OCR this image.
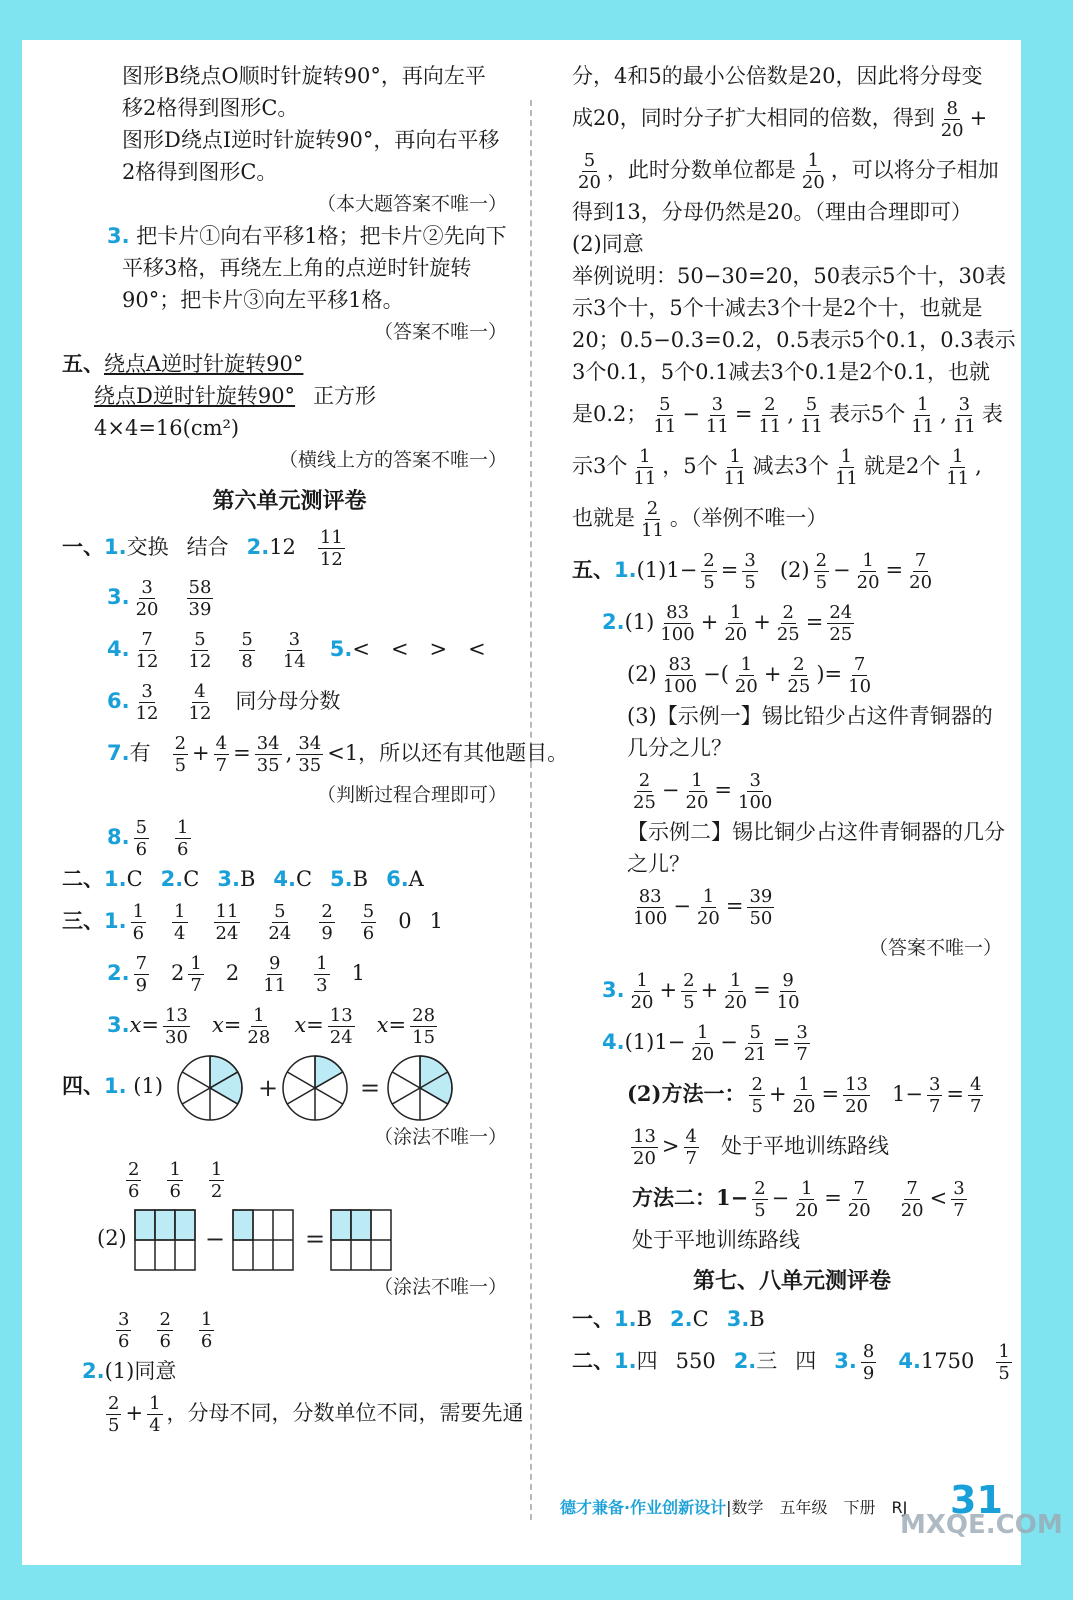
图形B绕点O顺时针旋转90°，再向左平

移2格得到图形C。

图形D绕点I逆时针旋转90°，再向右平移

2格得到图形C。

（本大题答案不唯一）

3. 把卡片①向右平移1格；把卡片②先向下

平移3格，再绕左上角的点逆时针旋转

90°；把卡片③向左平移1格。

（答案不唯一）

五、绕点A逆时针旋转90°

绕点D逆时针旋转90° 正方形

4×4=16(cm²)

（横线上方的答案不唯一）

第六单元测评卷

一、1.交换 结合 $2.12 \frac{11}{12}$

3. $\frac{3}{20} \frac{58}{39}$

4. $\frac{7}{12} \frac{5}{12} \frac{5}{8} \frac{3}{14} 5.<$　<　>　<

6. $\frac{3}{12} \frac{4}{12}$ 同分母分数

7.有 $\frac{2}{5} + \frac{4}{7} = \frac{34}{35}$ , $\frac{34}{35} <1$，所以还有其他题目。

（判断过程合理即可）

8. $\frac{5}{6} \frac{1}{6}$

二、1.C 2.C 3.B 4.C 5.B 6.A

三、1. $\frac{1}{6} \frac{1}{4} \frac{11}{24} \frac{5}{24} \frac{2}{9} \frac{5}{6} 0$ 1

2. $\frac{7}{9} 2 \frac{1}{7} 2 \frac{9}{11} \frac{1}{3} 1$

$3.x= \frac{13}{30} x= \frac{1}{28} x= \frac{13}{24} x= \frac{28}{15}$

四、1. (1)	+	=

（涂法不唯一）

$\frac{2}{6} \frac{1}{6} \frac{1}{2}$

(2)	−	=

（涂法不唯一）

$\frac{3}{6} \frac{2}{6} \frac{1}{6}$

2.(1)同意

$\frac{2}{5} + \frac{1}{4}$ ，分母不同，分数单位不同，需要先通

分，4和5的最小公倍数是20，因此将分母变

成20，同时分子扩大相同的倍数，得到 $\frac{8}{20}$ +

$\frac{5}{20}$ ，此时分数单位都是 $\frac{1}{20}$ ，可以将分子相加

得到13，分母仍然是20。（理由合理即可）

(2)同意

举例说明：50−30=20，50表示5个十，30表

示3个十，5个十减去3个十是2个十，也就是

20；0.5−0.3=0.2，0.5表示5个0.1，0.3表示

3个0.1，5个0.1减去3个0.1是2个0.1，也就

是0.2； $\frac{5}{11} - \frac{3}{11} = \frac{2}{11}$ , $\frac{5}{11}$ 表示5个 $\frac{1}{11}$ , $\frac{3}{11}$ 表

示3个 $\frac{1}{11}$ ，5个 $\frac{1}{11}$ 减去3个 $\frac{1}{11}$ 就是2个 $\frac{1}{11}$ ,

也就是 $\frac{2}{11}$ 。（举例不唯一）

五、$1.(1)1- \frac{2}{5} = \frac{3}{5} (2) \frac{2}{5} - \frac{1}{20} = \frac{7}{20}$

$2.(1) \frac{83}{100} + \frac{1}{20} + \frac{2}{25} = \frac{24}{25}$

$(2) \frac{83}{100}$ −( $\frac{1}{20} + \frac{2}{25}$ )= $\frac{7}{10}$

(3)【示例一】锡比铅少占这件青铜器的

几分之儿？

$\frac{2}{25} - \frac{1}{20} = \frac{3}{100}$

【示例二】锡比铜少占这件青铜器的几分

之儿？

$\frac{83}{100} - \frac{1}{20} = \frac{39}{50}$

（答案不唯一）

3. $\frac{1}{20} + \frac{2}{5} + \frac{1}{20} = \frac{9}{10}$

$4.(1)1- \frac{1}{20} - \frac{5}{21} = \frac{3}{7}$

(2)方法一： $\frac{2}{5} + \frac{1}{20} = \frac{13}{20} 1- \frac{3}{7} = \frac{4}{7}$

$\frac{13}{20} > \frac{4}{7}$ 处于平地训练路线

方法二：$1- \frac{2}{5} - \frac{1}{20} = \frac{7}{20} \frac{7}{20} < \frac{3}{7}$

处于平地训练路线

第七、八单元测评卷

一、1.B 2.C 3.B

二、1.四 550 2.三 四 3. $\frac{8}{9} 4.1750 \frac{1}{5}$

德才兼备·作业创新设计|数学　五年级　下册　RJ 31
MXQE.COM
